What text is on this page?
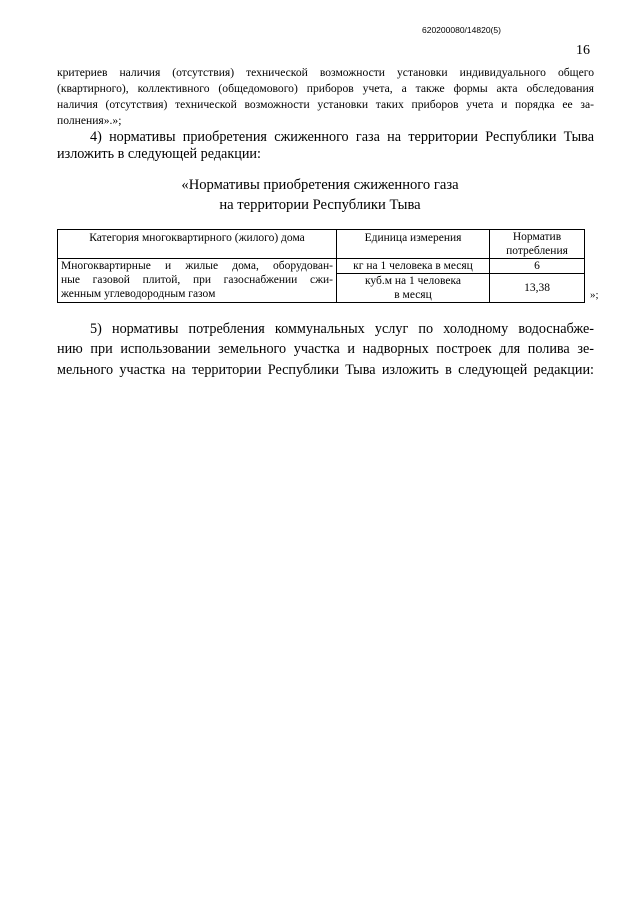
620200080/14820(5)
16
критериев наличия (отсутствия) технической возможности установки индивидуального общего
(квартирного), коллективного (общедомового) приборов учета, а также формы акта обследования
наличия (отсутствия) технической возможности установки таких приборов учета и порядка ее за-
полнения».»;
4) нормативы приобретения сжиженного газа на территории Республики Тыва
изложить в следующей редакции:
«Нормативы приобретения сжиженного газа
на территории Республики Тыва
Категория многоквартирного (жилого) дома	Единица измерения	Норматив
потребления

Многоквартирные и жилые дома, оборудован-
ные газовой плитой, при газоснабжении сжи-
женным углеводородным газом	кг на 1 человека в месяц	6
	куб.м на 1 человека
в месяц	13,38
»;
5) нормативы потребления коммунальных услуг по холодному водоснабже-
нию при использовании земельного участка и надворных построек для полива зе-
мельного участка на территории Республики Тыва изложить в следующей редакции:
